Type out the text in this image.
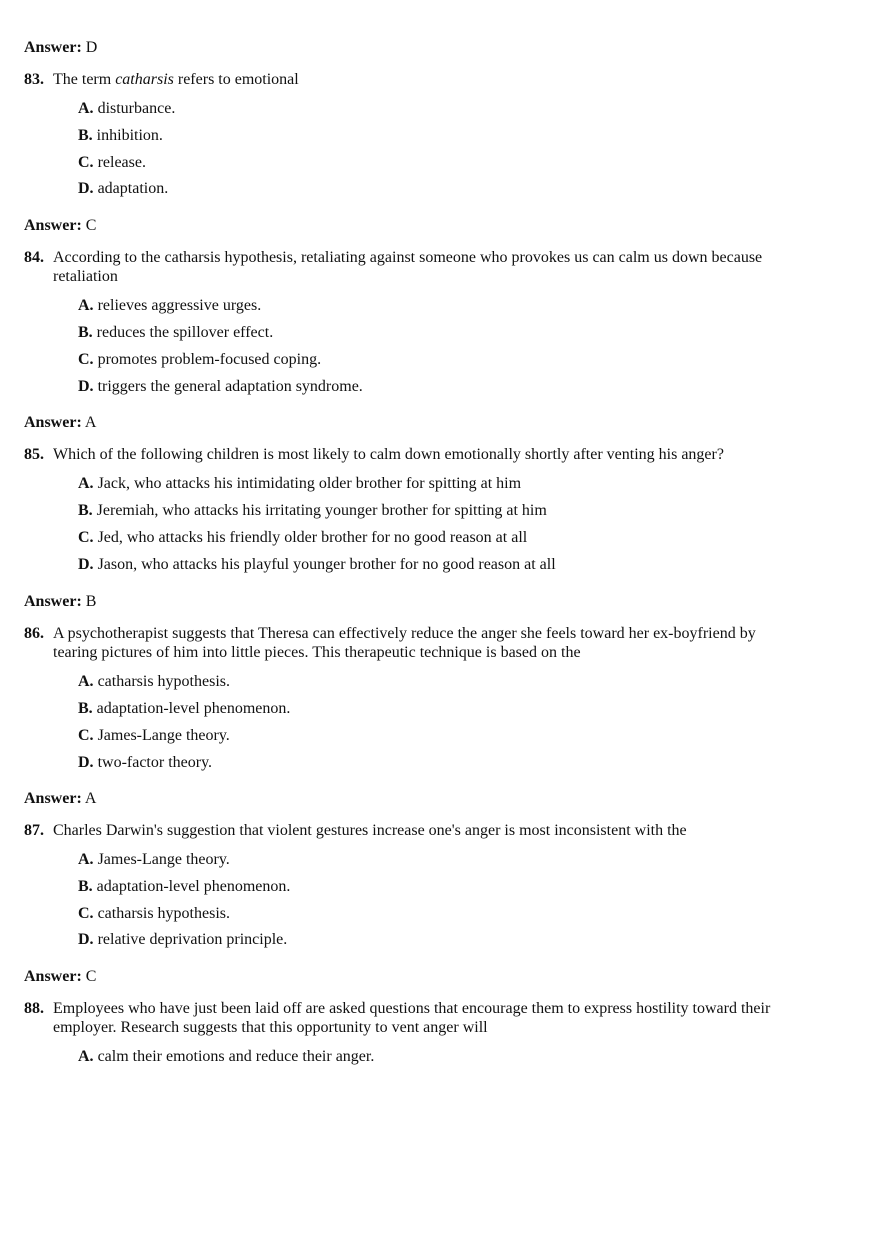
Answer: D
83. The term catharsis refers to emotional
A. disturbance.
B. inhibition.
C. release.
D. adaptation.
Answer: C
84. According to the catharsis hypothesis, retaliating against someone who provokes us can calm us down because
retaliation
A. relieves aggressive urges.
B. reduces the spillover effect.
C. promotes problem-focused coping.
D. triggers the general adaptation syndrome.
Answer: A
85. Which of the following children is most likely to calm down emotionally shortly after venting his anger?
A. Jack, who attacks his intimidating older brother for spitting at him
B. Jeremiah, who attacks his irritating younger brother for spitting at him
C. Jed, who attacks his friendly older brother for no good reason at all
D. Jason, who attacks his playful younger brother for no good reason at all
Answer: B
86. A psychotherapist suggests that Theresa can effectively reduce the anger she feels toward her ex-boyfriend by
tearing pictures of him into little pieces. This therapeutic technique is based on the
A. catharsis hypothesis.
B. adaptation-level phenomenon.
C. James-Lange theory.
D. two-factor theory.
Answer: A
87. Charles Darwin's suggestion that violent gestures increase one's anger is most inconsistent with the
A. James-Lange theory.
B. adaptation-level phenomenon.
C. catharsis hypothesis.
D. relative deprivation principle.
Answer: C
88. Employees who have just been laid off are asked questions that encourage them to express hostility toward their
employer. Research suggests that this opportunity to vent anger will
A. calm their emotions and reduce their anger.
